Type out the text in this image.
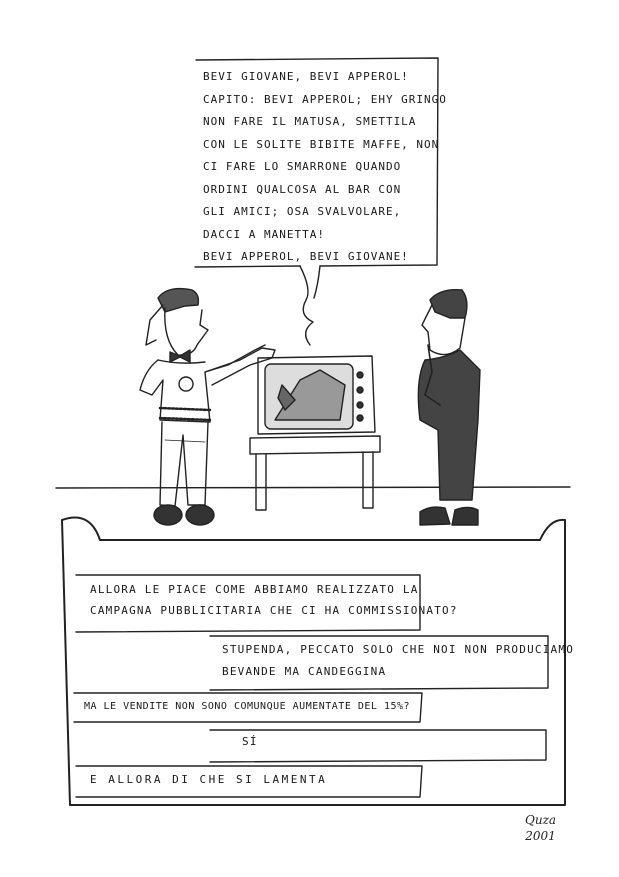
BEVI GIOVANE, BEVI APPEROL!
CAPITO: BEVI APPEROL; EHY GRINGO
NON FARE IL MATUSA, SMETTILA
CON LE SOLITE BIBITE MAFFE, NON
CI FARE LO SMARRONE QUANDO
ORDINI QUALCOSA AL BAR CON
GLI AMICI; OSA SVALVOLARE,
DACCI A MANETTA!
BEVI APPEROL, BEVI GIOVANE!
ALLORA LE PIACE COME ABBIAMO REALIZZATO LA
CAMPAGNA PUBBLICITARIA CHE CI HA COMMISSIONATO?
STUPENDA, PECCATO SOLO CHE NOI NON PRODUCIAMO
BEVANDE MA CANDEGGINA
MA LE VENDITE NON SONO COMUNQUE AUMENTATE DEL 15%?
SÍ
E ALLORA DI CHE SI LAMENTA
Quza
2001
